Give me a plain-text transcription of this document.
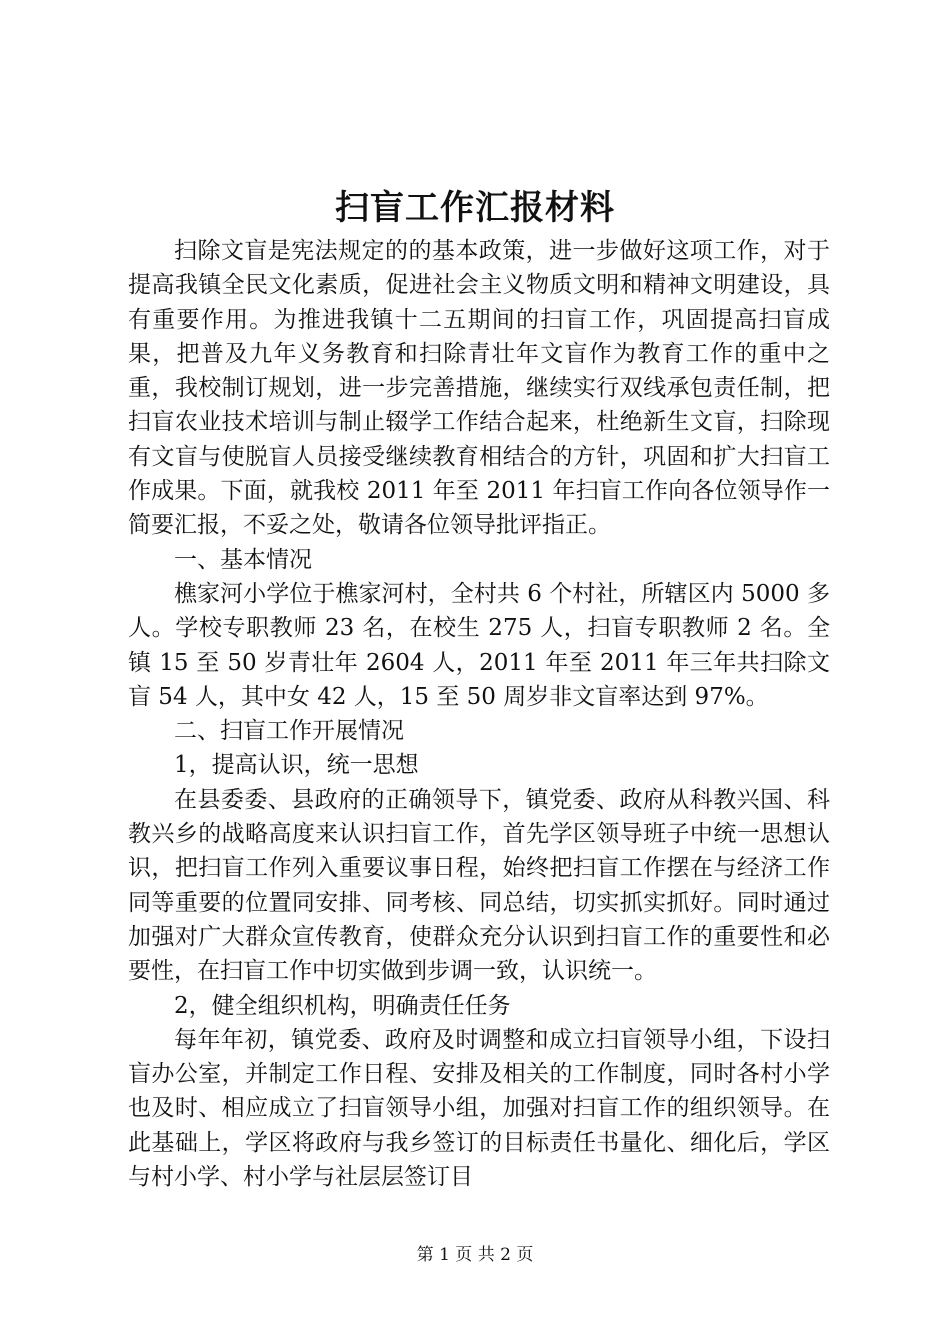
扫盲工作汇报材料

扫除文盲是宪法规定的的基本政策，进一步做好这项工作，对于提高我镇全民文化素质，促进社会主义物质文明和精神文明建设，具有重要作用。为推进我镇十二五期间的扫盲工作，巩固提高扫盲成果，把普及九年义务教育和扫除青壮年文盲作为教育工作的重中之重，我校制订规划，进一步完善措施，继续实行双线承包责任制，把扫盲农业技术培训与制止辍学工作结合起来，杜绝新生文盲，扫除现有文盲与使脱盲人员接受继续教育相结合的方针，巩固和扩大扫盲工作成果。下面，就我校 2011 年至 2011 年扫盲工作向各位领导作一简要汇报，不妥之处，敬请各位领导批评指正。

一、基本情况

樵家河小学位于樵家河村，全村共 6 个村社，所辖区内 5000 多人。学校专职教师 23 名，在校生 275 人，扫盲专职教师 2 名。全镇 15 至 50 岁青壮年 2604 人，2011 年至 2011 年三年共扫除文盲 54 人，其中女 42 人，15 至 50 周岁非文盲率达到 97%。

二、扫盲工作开展情况

1，提高认识，统一思想

在县委委、县政府的正确领导下，镇党委、政府从科教兴国、科教兴乡的战略高度来认识扫盲工作，首先学区领导班子中统一思想认识，把扫盲工作列入重要议事日程，始终把扫盲工作摆在与经济工作同等重要的位置同安排、同考核、同总结，切实抓实抓好。同时通过加强对广大群众宣传教育，使群众充分认识到扫盲工作的重要性和必要性，在扫盲工作中切实做到步调一致，认识统一。

2，健全组织机构，明确责任任务

每年年初，镇党委、政府及时调整和成立扫盲领导小组，下设扫盲办公室，并制定工作日程、安排及相关的工作制度，同时各村小学也及时、相应成立了扫盲领导小组，加强对扫盲工作的组织领导。在此基础上，学区将政府与我乡签订的目标责任书量化、细化后，学区与村小学、村小学与社层层签订目

第 1 页 共 2 页
